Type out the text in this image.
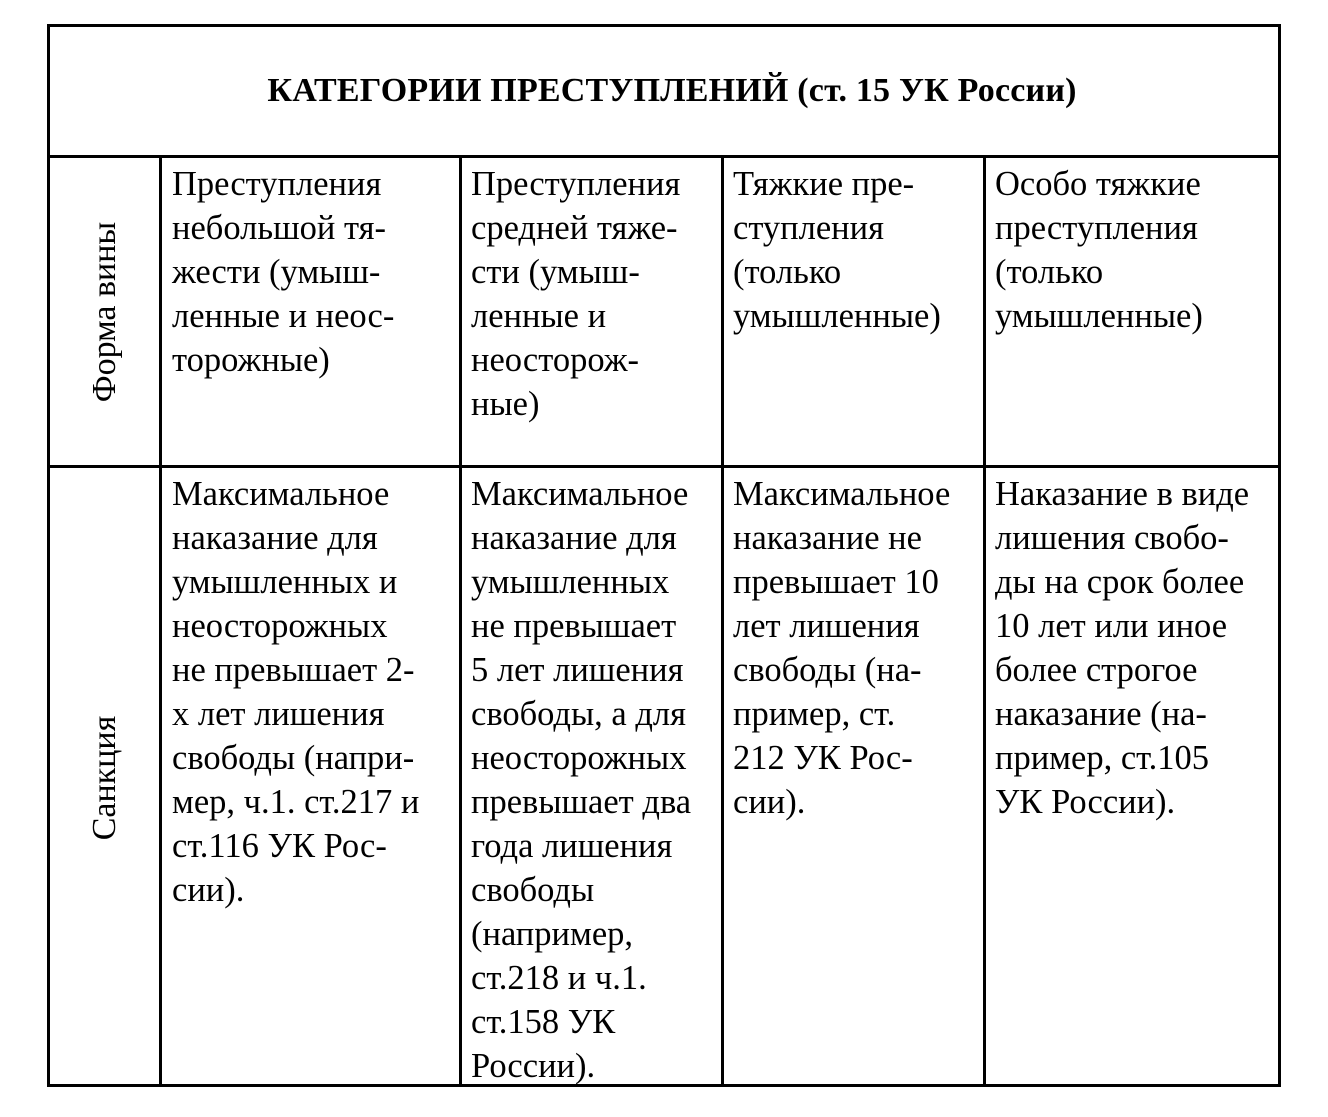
КАТЕГОРИИ ПРЕСТУПЛЕНИЙ (ст. 15 УК России)
Форма вины
Преступления
небольшой тя-
жести (умыш-
ленные и неос-
торожные)
Преступления
средней тяже-
сти (умыш-
ленные и
неосторож-
ные)
Тяжкие пре-
ступления
(только
умышленные)
Особо тяжкие
преступления
(только
умышленные)
Санкция
Максимальное
наказание для
умышленных и
неосторожных
не превышает 2-
х лет лишения
свободы (напри-
мер, ч.1. ст.217 и
ст.116 УК Рос-
сии).
Максимальное
наказание для
умышленных
не превышает
5 лет лишения
свободы, а для
неосторожных
превышает два
года лишения
свободы
(например,
ст.218 и ч.1.
ст.158 УК
России).
Максимальное
наказание не
превышает 10
лет лишения
свободы (на-
пример, ст.
212 УК Рос-
сии).
Наказание в виде
лишения свобо-
ды на срок более
10 лет или иное
более строгое
наказание (на-
пример, ст.105
УК России).
